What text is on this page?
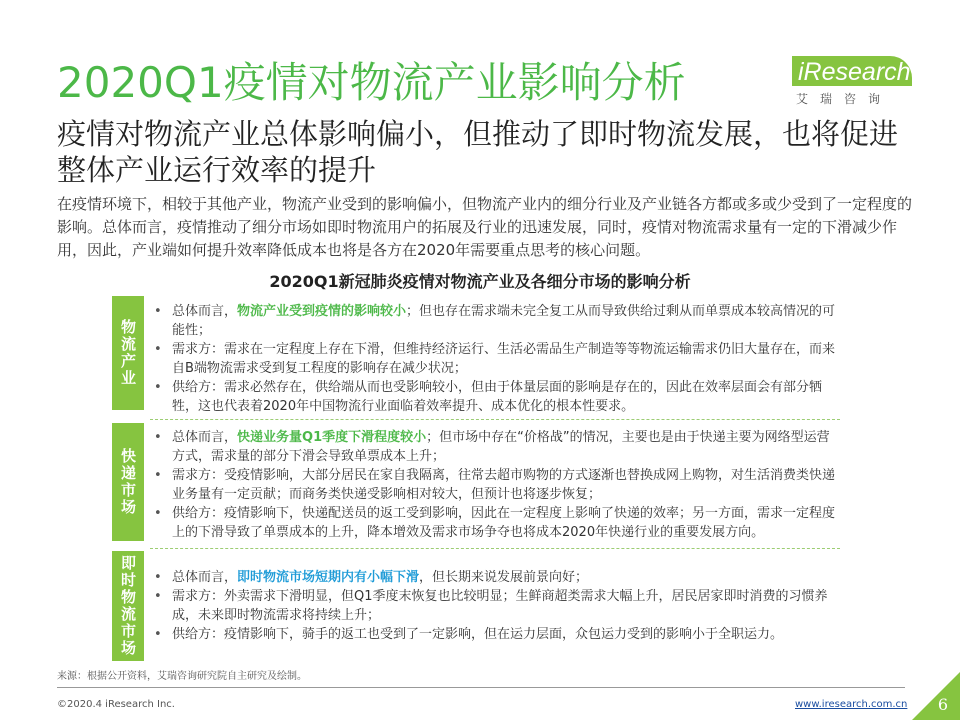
2020Q1疫情对物流产业影响分析	iResearch
艾瑞咨询
疫情对物流产业总体影响偏小，但推动了即时物流发展，也将促进整体产业运行效率的提升
在疫情环境下，相较于其他产业，物流产业受到的影响偏小，但物流产业内的细分行业及产业链各方都或多或少受到了一定程度的影响。总体而言，疫情推动了细分市场如即时物流用户的拓展及行业的迅速发展，同时，疫情对物流需求量有一定的下滑减少作用，因此，产业端如何提升效率降低成本也将是各方在2020年需要重点思考的核心问题。
2020Q1新冠肺炎疫情对物流产业及各细分市场的影响分析
物流产业
• 总体而言，物流产业受到疫情的影响较小；但也存在需求端未完全复工从而导致供给过剩从而单票成本较高情况的可能性；
• 需求方：需求在一定程度上存在下滑，但维持经济运行、生活必需品生产制造等等物流运输需求仍旧大量存在，而来自B端物流需求受到复工程度的影响存在减少状况；
• 供给方：需求必然存在，供给端从而也受影响较小，但由于体量层面的影响是存在的，因此在效率层面会有部分牺牲，这也代表着2020年中国物流行业面临着效率提升、成本优化的根本性要求。
快递市场
• 总体而言，快递业务量Q1季度下滑程度较小；但市场中存在“价格战”的情况，主要也是由于快递主要为网络型运营方式，需求量的部分下滑会导致单票成本上升；
• 需求方：受疫情影响，大部分居民在家自我隔离，往常去超市购物的方式逐渐也替换成网上购物，对生活消费类快递业务量有一定贡献；而商务类快递受影响相对较大，但预计也将逐步恢复；
• 供给方：疫情影响下，快递配送员的返工受到影响，因此在一定程度上影响了快递的效率；另一方面，需求一定程度上的下滑导致了单票成本的上升，降本增效及需求市场争夺也将成本2020年快递行业的重要发展方向。
即时物流市场
•	总体而言，即时物流市场短期内有小幅下滑，但长期来说发展前景向好；
• 需求方：外卖需求下滑明显，但Q1季度末恢复也比较明显；生鲜商超类需求大幅上升，居民居家即时消费的习惯养成，未来即时物流需求将持续上升；
• 供给方：疫情影响下，骑手的返工也受到了一定影响，但在运力层面，众包运力受到的影响小于全职运力。
来源：根据公开资料，艾瑞咨询研究院自主研究及绘制。
©2020.4 iResearch Inc.	www.iresearch.com.cn 6
